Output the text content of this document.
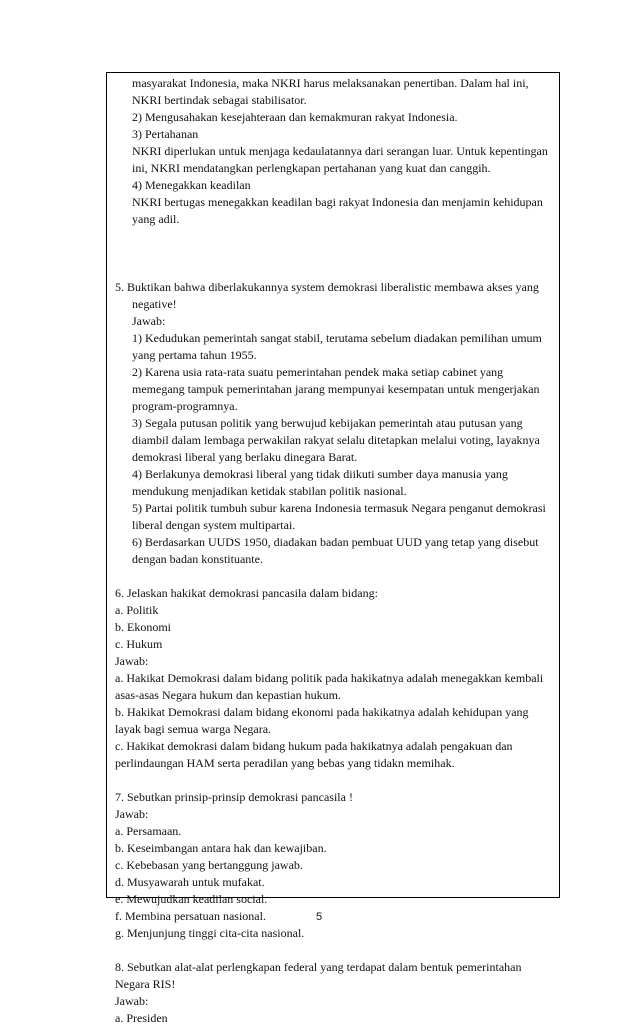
masyarakat Indonesia, maka NKRI harus melaksanakan penertiban. Dalam hal ini, NKRI bertindak sebagai stabilisator.

2) Mengusahakan kesejahteraan dan kemakmuran rakyat Indonesia.

3) Pertahanan

NKRI diperlukan untuk menjaga kedaulatannya dari serangan luar. Untuk kepentingan ini, NKRI mendatangkan perlengkapan pertahanan yang kuat dan canggih.

4) Menegakkan keadilan

NKRI bertugas menegakkan keadilan bagi rakyat Indonesia dan menjamin kehidupan yang adil.

5. Buktikan bahwa diberlakukannya system demokrasi liberalistic membawa akses yang negative!

Jawab:

1) Kedudukan pemerintah sangat stabil, terutama sebelum diadakan pemilihan umum yang pertama tahun 1955.

2) Karena usia rata-rata suatu pemerintahan pendek maka setiap cabinet yang memegang tampuk pemerintahan jarang mempunyai kesempatan untuk mengerjakan program-programnya.

3) Segala putusan politik yang berwujud kebijakan pemerintah atau putusan yang diambil dalam lembaga perwakilan rakyat selalu ditetapkan melalui voting, layaknya demokrasi liberal yang berlaku dinegara Barat.

4) Berlakunya demokrasi liberal yang tidak diikuti sumber daya manusia yang mendukung menjadikan ketidak stabilan politik nasional.

5) Partai politik tumbuh subur karena Indonesia termasuk Negara penganut demokrasi liberal dengan system multipartai.

6) Berdasarkan UUDS 1950, diadakan badan pembuat UUD yang tetap yang disebut dengan badan konstituante.

6. Jelaskan hakikat demokrasi pancasila dalam bidang:

a. Politik

b. Ekonomi

c. Hukum

Jawab:

a. Hakikat Demokrasi dalam bidang politik pada hakikatnya adalah menegakkan kembali asas-asas Negara hukum dan kepastian hukum.

b. Hakikat Demokrasi dalam bidang ekonomi pada hakikatnya adalah kehidupan yang layak bagi semua warga Negara.

c. Hakikat demokrasi dalam bidang hukum pada hakikatnya adalah pengakuan dan perlindaungan HAM serta peradilan yang bebas yang tidakn memihak.

7. Sebutkan prinsip-prinsip demokrasi pancasila !

Jawab:

a. Persamaan.

b. Keseimbangan antara hak dan kewajiban.

c. Kebebasan yang bertanggung jawab.

d. Musyawarah untuk mufakat.

e. Mewujudkan keadilan social.

f. Membina persatuan nasional.

g. Menjunjung tinggi cita-cita nasional.

8. Sebutkan alat-alat perlengkapan federal yang terdapat dalam bentuk pemerintahan Negara RIS!

Jawab:

a. Presiden

5
